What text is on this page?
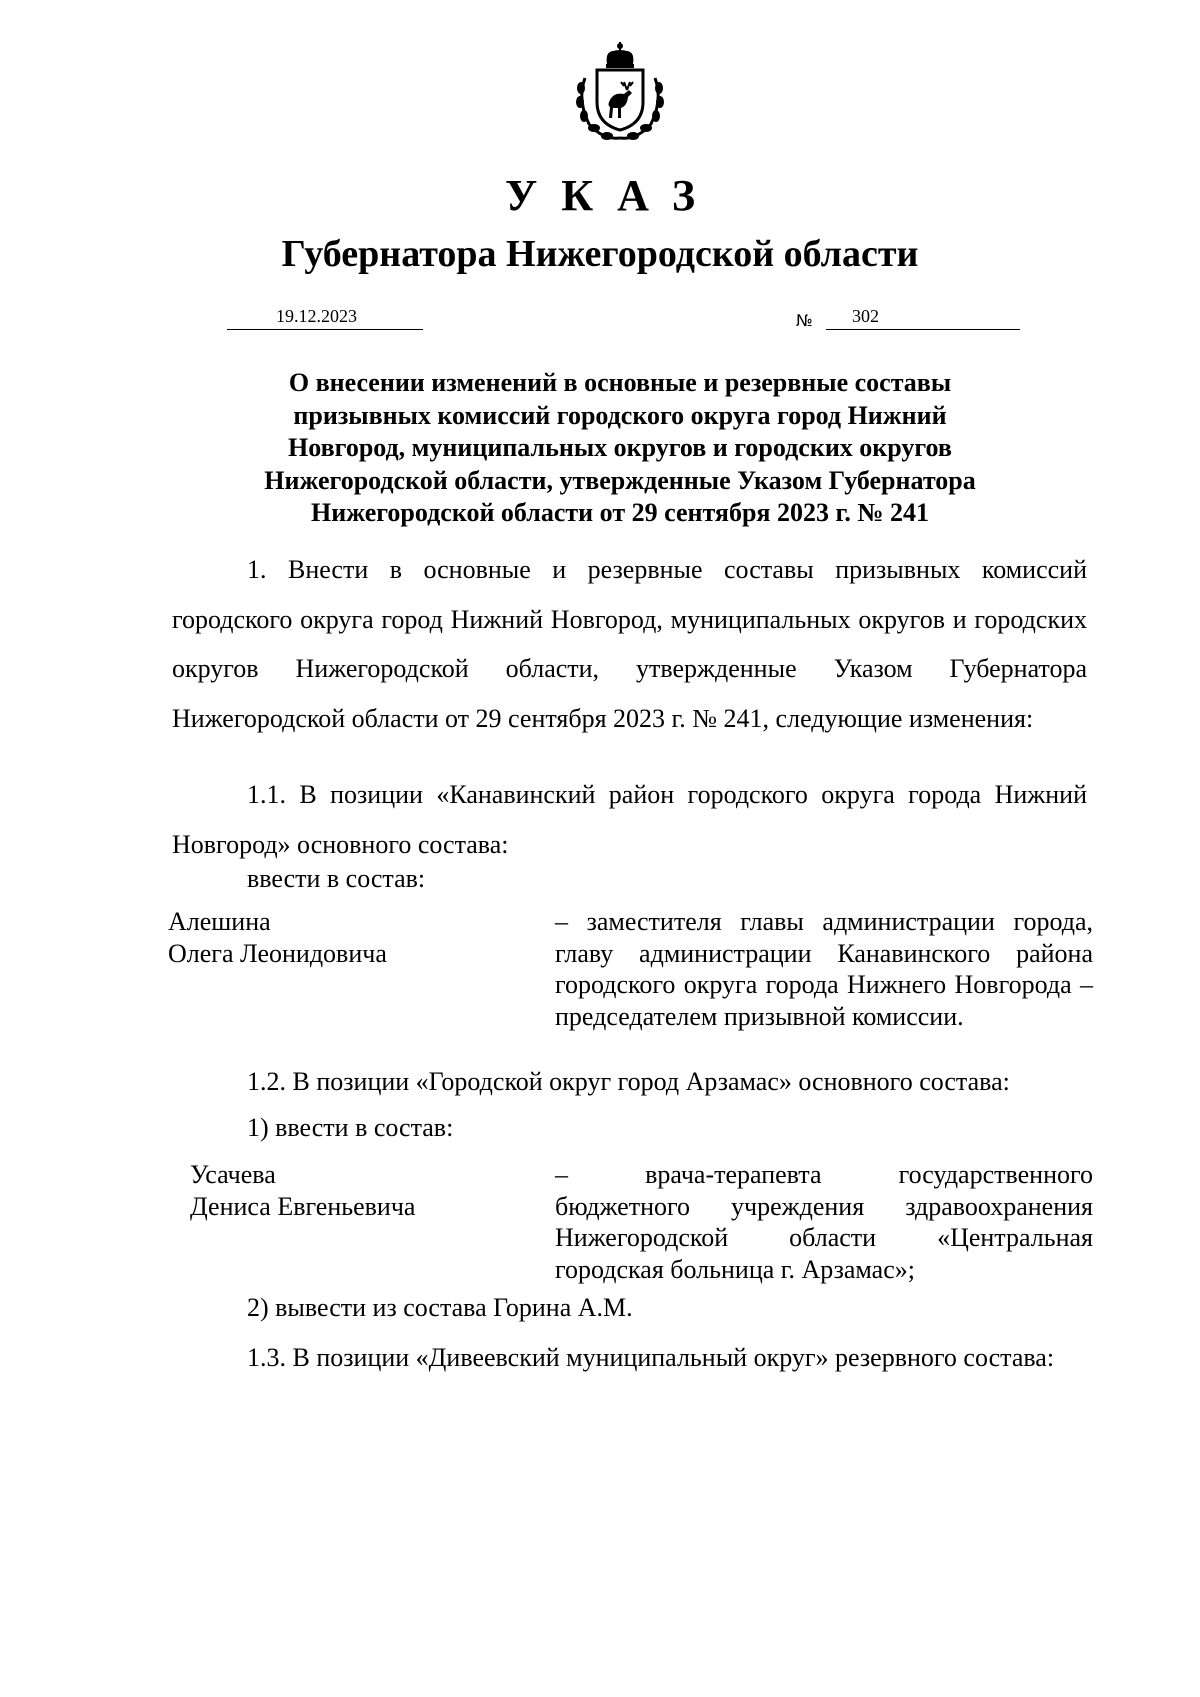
УКАЗ
Губернатора Нижегородской области
19.12.2023	№ 302
О внесении изменений в основные и резервные составы
призывных комиссий городского округа город Нижний
Новгород, муниципальных округов и городских округов
Нижегородской области, утвержденные Указом Губернатора
Нижегородской области от 29 сентября 2023 г. № 241

1. Внести в основные и резервные составы призывных комиссий городского округа город Нижний Новгород, муниципальных округов и городских округов Нижегородской области, утвержденные Указом Губернатора Нижегородской области от 29 сентября 2023 г. № 241, следующие изменения:

1.1. В позиции «Канавинский район городского округа города Нижний Новгород» основного состава:

ввести в состав:

Алешина
Олега Леонидовича

– заместителя главы администрации города, главу администрации Канавинского района городского округа города Нижнего Новгорода – председателем призывной комиссии.

1.2. В позиции «Городской округ город Арзамас» основного состава:

1) ввести в состав:

Усачева
Дениса Евгеньевича

– врача-терапевта государственного бюджетного учреждения здравоохранения Нижегородской области «Центральная городская больница г. Арзамас»;

2) вывести из состава Горина А.М.

1.3. В позиции «Дивеевский муниципальный округ» резервного состава:
